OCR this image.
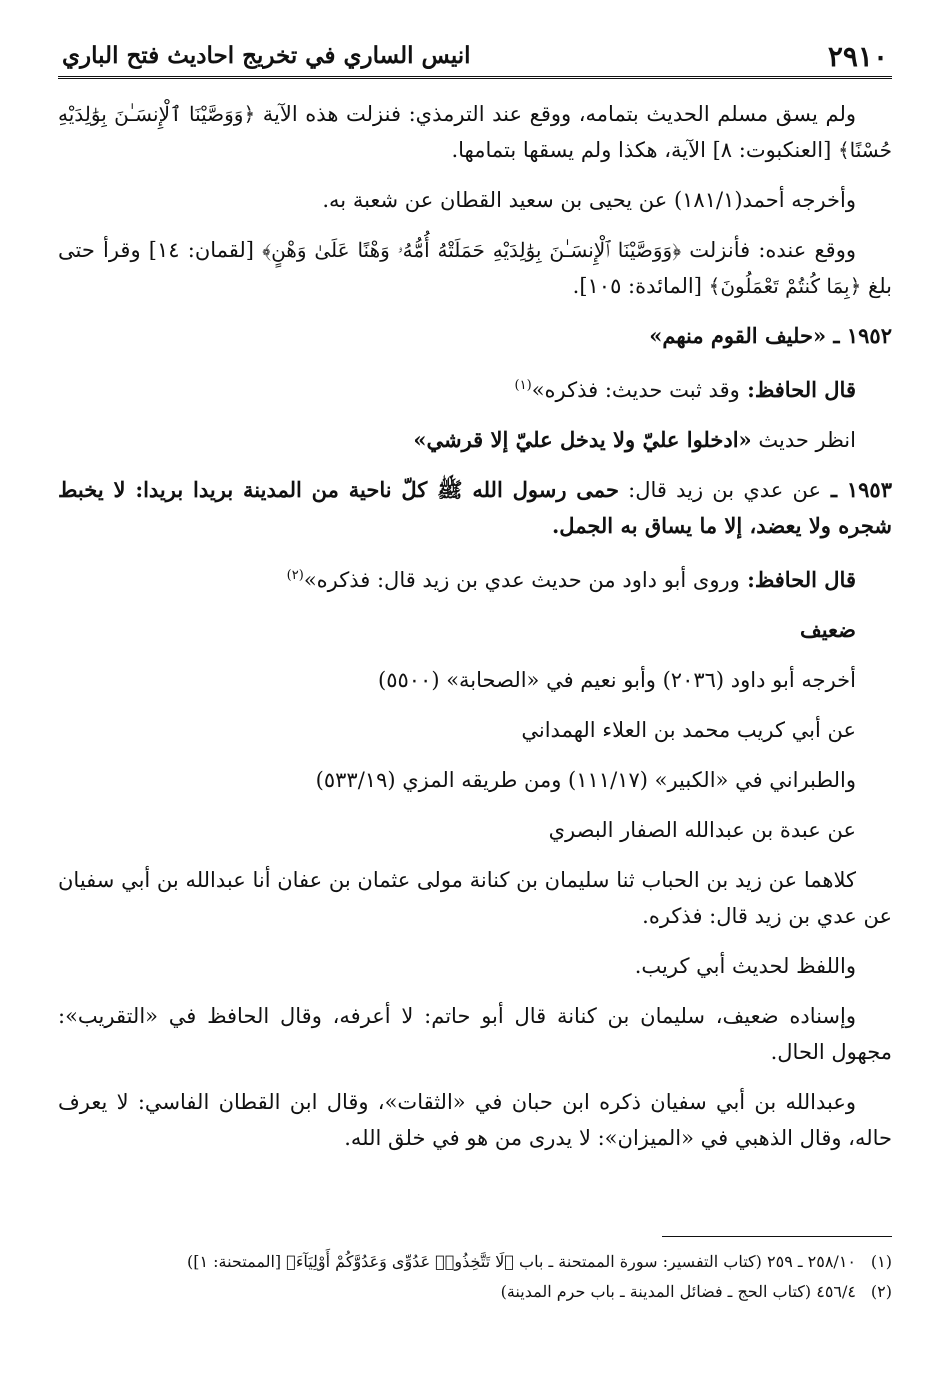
٢٩١٠
انيس الساري في تخريج احاديث فتح الباري

ولم يسق مسلم الحديث بتمامه، ووقع عند الترمذي: فنزلت هذه الآية ﴿وَوَصَّيْنَا ٱلْإِنسَـٰنَ بِوَٰلِدَيْهِ حُسْنًا﴾ [العنكبوت: ٨] الآية، هكذا ولم يسقها بتمامها.

وأخرجه أحمد(١٨١/١) عن يحيى بن سعيد القطان عن شعبة به.

ووقع عنده: فأنزلت ﴿وَوَصَّيْنَا ٱلْإِنسَـٰنَ بِوَٰلِدَيْهِ حَمَلَتْهُ أُمُّهُۥ وَهْنًا عَلَىٰ وَهْنٍ﴾ [لقمان: ١٤] وقرأ حتى بلغ ﴿بِمَا كُنتُمْ تَعْمَلُونَ﴾ [المائدة: ١٠٥].

١٩٥٢ ـ «حليف القوم منهم»

قال الحافظ: وقد ثبت حديث: فذكره»$^{(١)}$

انظر حديث «ادخلوا عليّ ولا يدخل عليّ إلا قرشي»

١٩٥٣ ـ عن عدي بن زيد قال: حمى رسول الله ﷺ كلّ ناحية من المدينة بريدا بريدا: لا يخبط شجره ولا يعضد، إلا ما يساق به الجمل.

قال الحافظ: وروى أبو داود من حديث عدي بن زيد قال: فذكره»$^{(٢)}$

ضعيف

أخرجه أبو داود (٢٠٣٦) وأبو نعيم في «الصحابة» (٥٥٠٠)

عن أبي كريب محمد بن العلاء الهمداني

والطبراني في «الكبير» (١١١/١٧) ومن طريقه المزي (٥٣٣/١٩)

عن عبدة بن عبدالله الصفار البصري

كلاهما عن زيد بن الحباب ثنا سليمان بن كنانة مولى عثمان بن عفان أنا عبدالله بن أبي سفيان عن عدي بن زيد قال: فذكره.

واللفظ لحديث أبي كريب.

وإسناده ضعيف، سليمان بن كنانة قال أبو حاتم: لا أعرفه، وقال الحافظ في «التقريب»: مجهول الحال.

وعبدالله بن أبي سفيان ذكره ابن حبان في «الثقات»، وقال ابن القطان الفاسي: لا يعرف حاله، وقال الذهبي في «الميزان»: لا يدرى من هو في خلق الله.

(١)٢٥٨/١٠ ـ ٢٥٩ (كتاب التفسير: سورة الممتحنة ـ باب ﴿لَا تَتَّخِذُوا۟ عَدُوِّى وَعَدُوَّكُمْ أَوْلِيَآءَ﴾ [الممتحنة: ١])
(٢)٤٥٦/٤ (كتاب الحج ـ فضائل المدينة ـ باب حرم المدينة)
